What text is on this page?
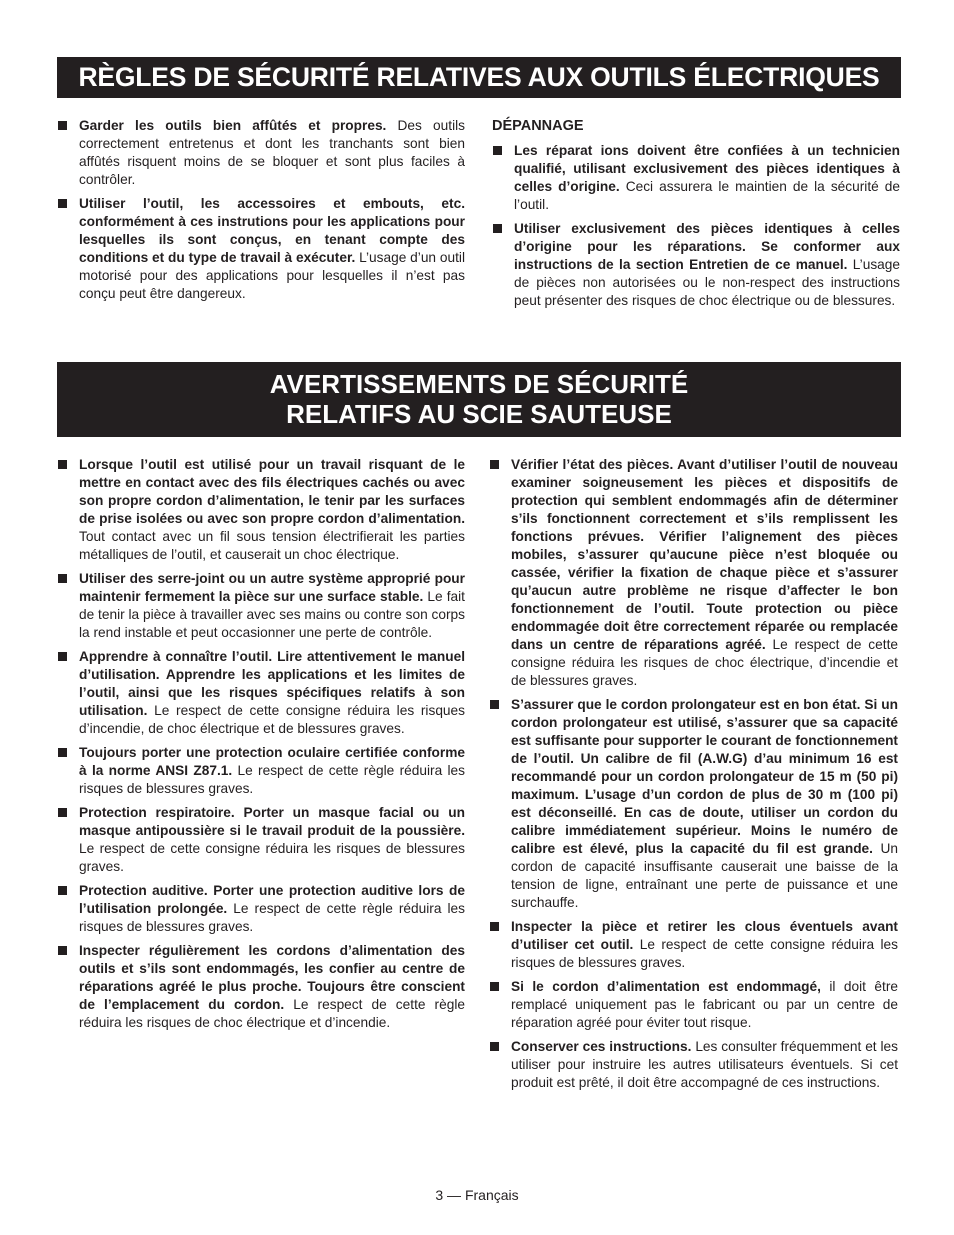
RÈGLES DE SÉCURITÉ RELATIVES AUX OUTILS ÉLECTRIQUES
Garder les outils bien affûtés et propres. Des outils correctement entretenus et dont les tranchants sont bien affûtés risquent moins de se bloquer et sont plus faciles à contrôler.
Utiliser l’outil, les accessoires et embouts, etc. conformément à ces instrutions pour les applications pour lesquelles ils sont conçus, en tenant compte des conditions et du type de travail à exécuter. L’usage d’un outil motorisé pour des applications pour lesquelles il n’est pas conçu peut être dangereux.
DÉPANNAGE
Les réparat ions doivent être confiées à un technicien qualifié, utilisant exclusivement des pièces identiques à celles d’origine. Ceci assurera le maintien de la sécurité de l’outil.
Utiliser exclusivement des pièces identiques à celles d’origine pour les réparations. Se conformer aux instructions de la section Entretien de ce manuel. L’usage de pièces non autorisées ou le non-respect des instructions peut présenter des risques de choc électrique ou de blessures.
AVERTISSEMENTS DE SÉCURITÉ
RELATIFS AU SCIE SAUTEUSE
Lorsque l’outil est utilisé pour un travail risquant de le mettre en contact avec des fils électriques cachés ou avec son propre cordon d’alimentation, le tenir par les surfaces de prise isolées ou avec son propre cordon d’alimentation. Tout contact avec un fil sous tension électrifierait les parties métalliques de l’outil, et causerait un choc électrique.
Utiliser des serre-joint ou un autre système approprié pour maintenir fermement la pièce sur une surface stable. Le fait de tenir la pièce à travailler avec ses mains ou contre son corps la rend instable et peut occasionner une perte de contrôle.
Apprendre à connaître l’outil. Lire attentivement le manuel d’utilisation. Apprendre les applications et les limites de l’outil, ainsi que les risques spécifiques relatifs à son utilisation. Le respect de cette consigne réduira les risques d’incendie, de choc électrique et de blessures graves.
Toujours porter une protection oculaire certifiée conforme à la norme ANSI Z87.1. Le respect de cette règle réduira les risques de blessures graves.
Protection respiratoire. Porter un masque facial ou un masque antipoussière si le travail produit de la poussière. Le respect de cette consigne réduira les risques de blessures graves.
Protection auditive. Porter une protection auditive lors de l’utilisation prolongée. Le respect de cette règle réduira les risques de blessures graves.
Inspecter régulièrement les cordons d’alimentation des outils et s’ils sont endommagés, les confier au centre de réparations agréé le plus proche. Toujours être conscient de l’emplacement du cordon. Le respect de cette règle réduira les risques de choc électrique et d’incendie.
Vérifier l’état des pièces. Avant d’utiliser l’outil de nouveau examiner soigneusement les pièces et dispositifs de protection qui semblent endommagés afin de déterminer s’ils fonctionnent correctement et s’ils remplissent les fonctions prévues. Vérifier l’alignement des pièces mobiles, s’assurer qu’aucune pièce n’est bloquée ou cassée, vérifier la fixation de chaque pièce et s’assurer qu’aucun autre problème ne risque d’affecter le bon fonctionnement de l’outil. Toute protection ou pièce endommagée doit être correctement réparée ou remplacée dans un centre de réparations agréé. Le respect de cette consigne réduira les risques de choc électrique, d’incendie et de blessures graves.
S’assurer que le cordon prolongateur est en bon état. Si un cordon prolongateur est utilisé, s’assurer que sa capacité est suffisante pour supporter le courant de fonctionnement de l’outil. Un calibre de fil (A.W.G) d’au minimum 16 est recommandé pour un cordon prolongateur de 15 m (50 pi) maximum. L’usage d’un cordon de plus de 30 m (100 pi) est déconseillé. En cas de doute, utiliser un cordon du calibre immédiatement supérieur. Moins le numéro de calibre est élevé, plus la capacité du fil est grande. Un cordon de capacité insuffisante causerait une baisse de la tension de ligne, entraînant une perte de puissance et une surchauffe.
Inspecter la pièce et retirer les clous éventuels avant d’utiliser cet outil. Le respect de cette consigne réduira les risques de blessures graves.
Si le cordon d’alimentation est endommagé, il doit être remplacé uniquement pas le fabricant ou par un centre de réparation agréé pour éviter tout risque.
Conserver ces instructions. Les consulter fréquemment et les utiliser pour instruire les autres utilisateurs éventuels. Si cet produit est prêté, il doit être accompagné de ces instructions.
3 — Français
